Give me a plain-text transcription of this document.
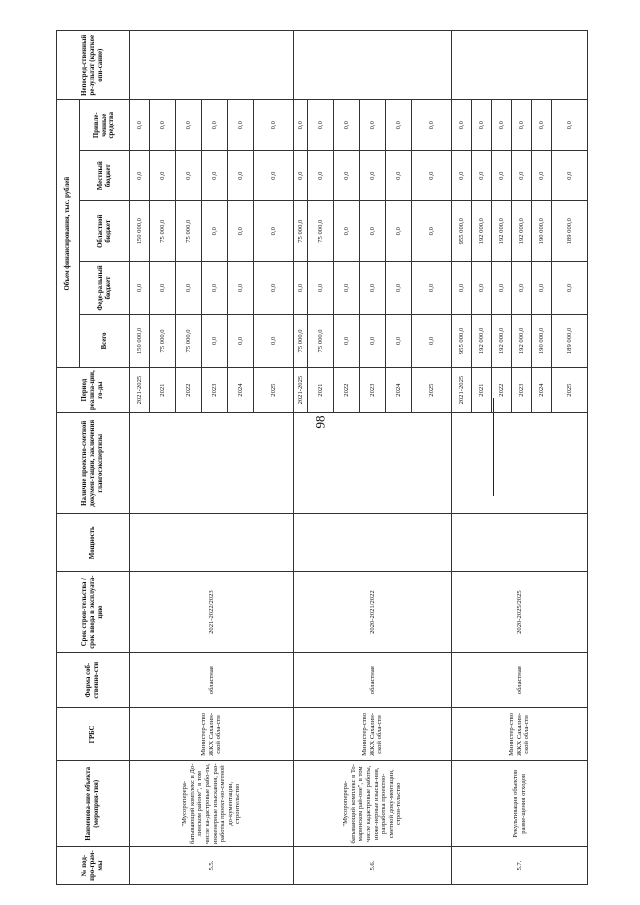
98
№ под-про-грам-мы	Наименова-ние объекта (мероприя-тия)	ГРБС	Форма соб-ственно-сти	Срок строи-тельства / срок ввода в эксплуата-цию	Мощность	Наличие проектно-сметной докумен-тации, заключения главгосэкспертизы	Период реализа-ции, го-ды	Объем финансирования, тыс. рублей					Непосред-ственный ре-зультат (краткое опи-сание)
								Всего	Феде-ральный бюджет	Областной бюджет	Местный бюджет	Привле-ченные средства	
5.5.	"Мусороперера-батывающий комплекс в До-линском районе", в том числе ка-дастровые рабо-ты, инженерные изыскания, раз-работка проект-но-сметной до-кументации, строительство	Министер-ство ЖКХ Сахалин-ской обла-сти	областная	2021-2022/2023			2021-2025	150 000,0	0,0	150 000,0	0,0	0,0	
							2021	75 000,0	0,0	75 000,0	0,0	0,0	
							2022	75 000,0	0,0	75 000,0	0,0	0,0	
							2023	0,0	0,0	0,0	0,0	0,0	
							2024	0,0	0,0	0,0	0,0	0,0	
							2025	0,0	0,0	0,0	0,0	0,0	
5.6.	"Мусороперера-батывающий комплекс в То-маринском рай-оне", в том числе кадастровые работы, инже-нерные изыска-ния, разработка проектно-сметной доку-ментации, строи-тельство	Министер-ство ЖКХ Сахалин-ской обла-сти	областная	2020-2021/2022			2021-2025	75 000,0	0,0	75 000,0	0,0	0,0	
							2021	75 000,0	0,0	75 000,0	0,0	0,0	
							2022	0,0	0,0	0,0	0,0	0,0	
							2023	0,0	0,0	0,0	0,0	0,0	
							2024	0,0	0,0	0,0	0,0	0,0	
							2025	0,0	0,0	0,0	0,0	0,0	
5.7.	Рекультивация объектов разме-щения отходов	Министер-ство ЖКХ Сахалин-ской обла-сти	областная	2020-2025/2025			2021-2025	955 000,0	0,0	955 000,0	0,0	0,0	
							2021	192 000,0	0,0	192 000,0	0,0	0,0	
							2022	192 000,0	0,0	192 000,0	0,0	0,0	
							2023	192 000,0	0,0	192 000,0	0,0	0,0	
							2024	190 000,0	0,0	190 000,0	0,0	0,0	
							2025	189 000,0	0,0	189 000,0	0,0	0,0	
